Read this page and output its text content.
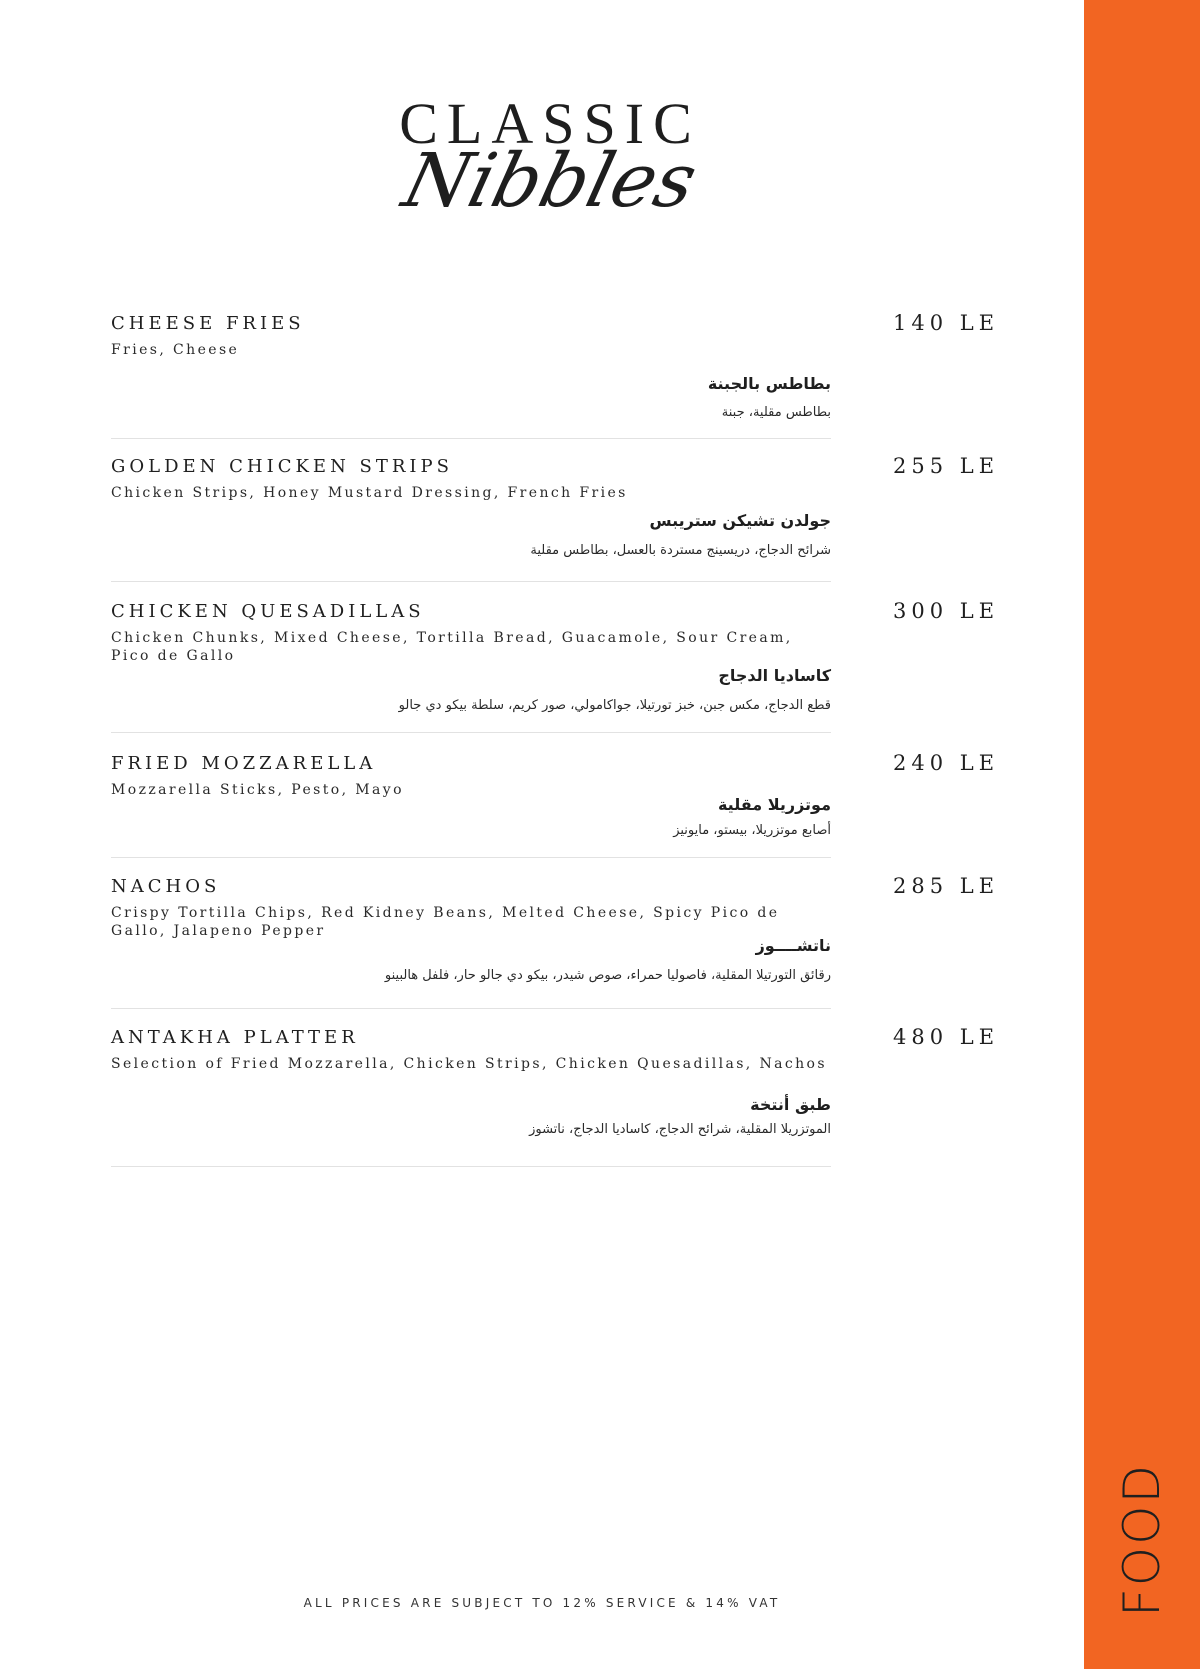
CLASSIC
Nibbles
CHEESE FRIES	140 LE
Fries, Cheese
بطاطس بالجبنة
بطاطس مقلية، جبنة
GOLDEN CHICKEN STRIPS	255 LE
Chicken Strips, Honey Mustard Dressing, French Fries
جولدن تشيكن ستريبس
شرائح الدجاج، دريسينج مستردة بالعسل، بطاطس مقلية
CHICKEN QUESADILLAS	300 LE
Chicken Chunks, Mixed Cheese, Tortilla Bread, Guacamole, Sour Cream, Pico de Gallo
كاساديا الدجاج
قطع الدجاج، مكس جبن، خبز تورتيلا، جواكامولي، صور كريم، سلطة بيكو دي جالو
FRIED MOZZARELLA	240 LE
Mozzarella Sticks, Pesto, Mayo
موتزريلا مقلية
أصابع موتزريلا، بيستو، مايونيز
NACHOS	285 LE
Crispy Tortilla Chips, Red Kidney Beans, Melted Cheese, Spicy Pico de Gallo, Jalapeno Pepper
ناتشــــوز
رقائق التورتيلا المقلية، فاصوليا حمراء، صوص شيدر، بيكو دي جالو حار، فلفل هالبينو
ANTAKHA PLATTER	480 LE
Selection of Fried Mozzarella, Chicken Strips, Chicken Quesadillas, Nachos
طبق أنتخة
الموتزريلا المقلية، شرائح الدجاج، كاساديا الدجاج، ناتشوز
ALL PRICES ARE SUBJECT TO 12% SERVICE & 14% VAT	FOOD
